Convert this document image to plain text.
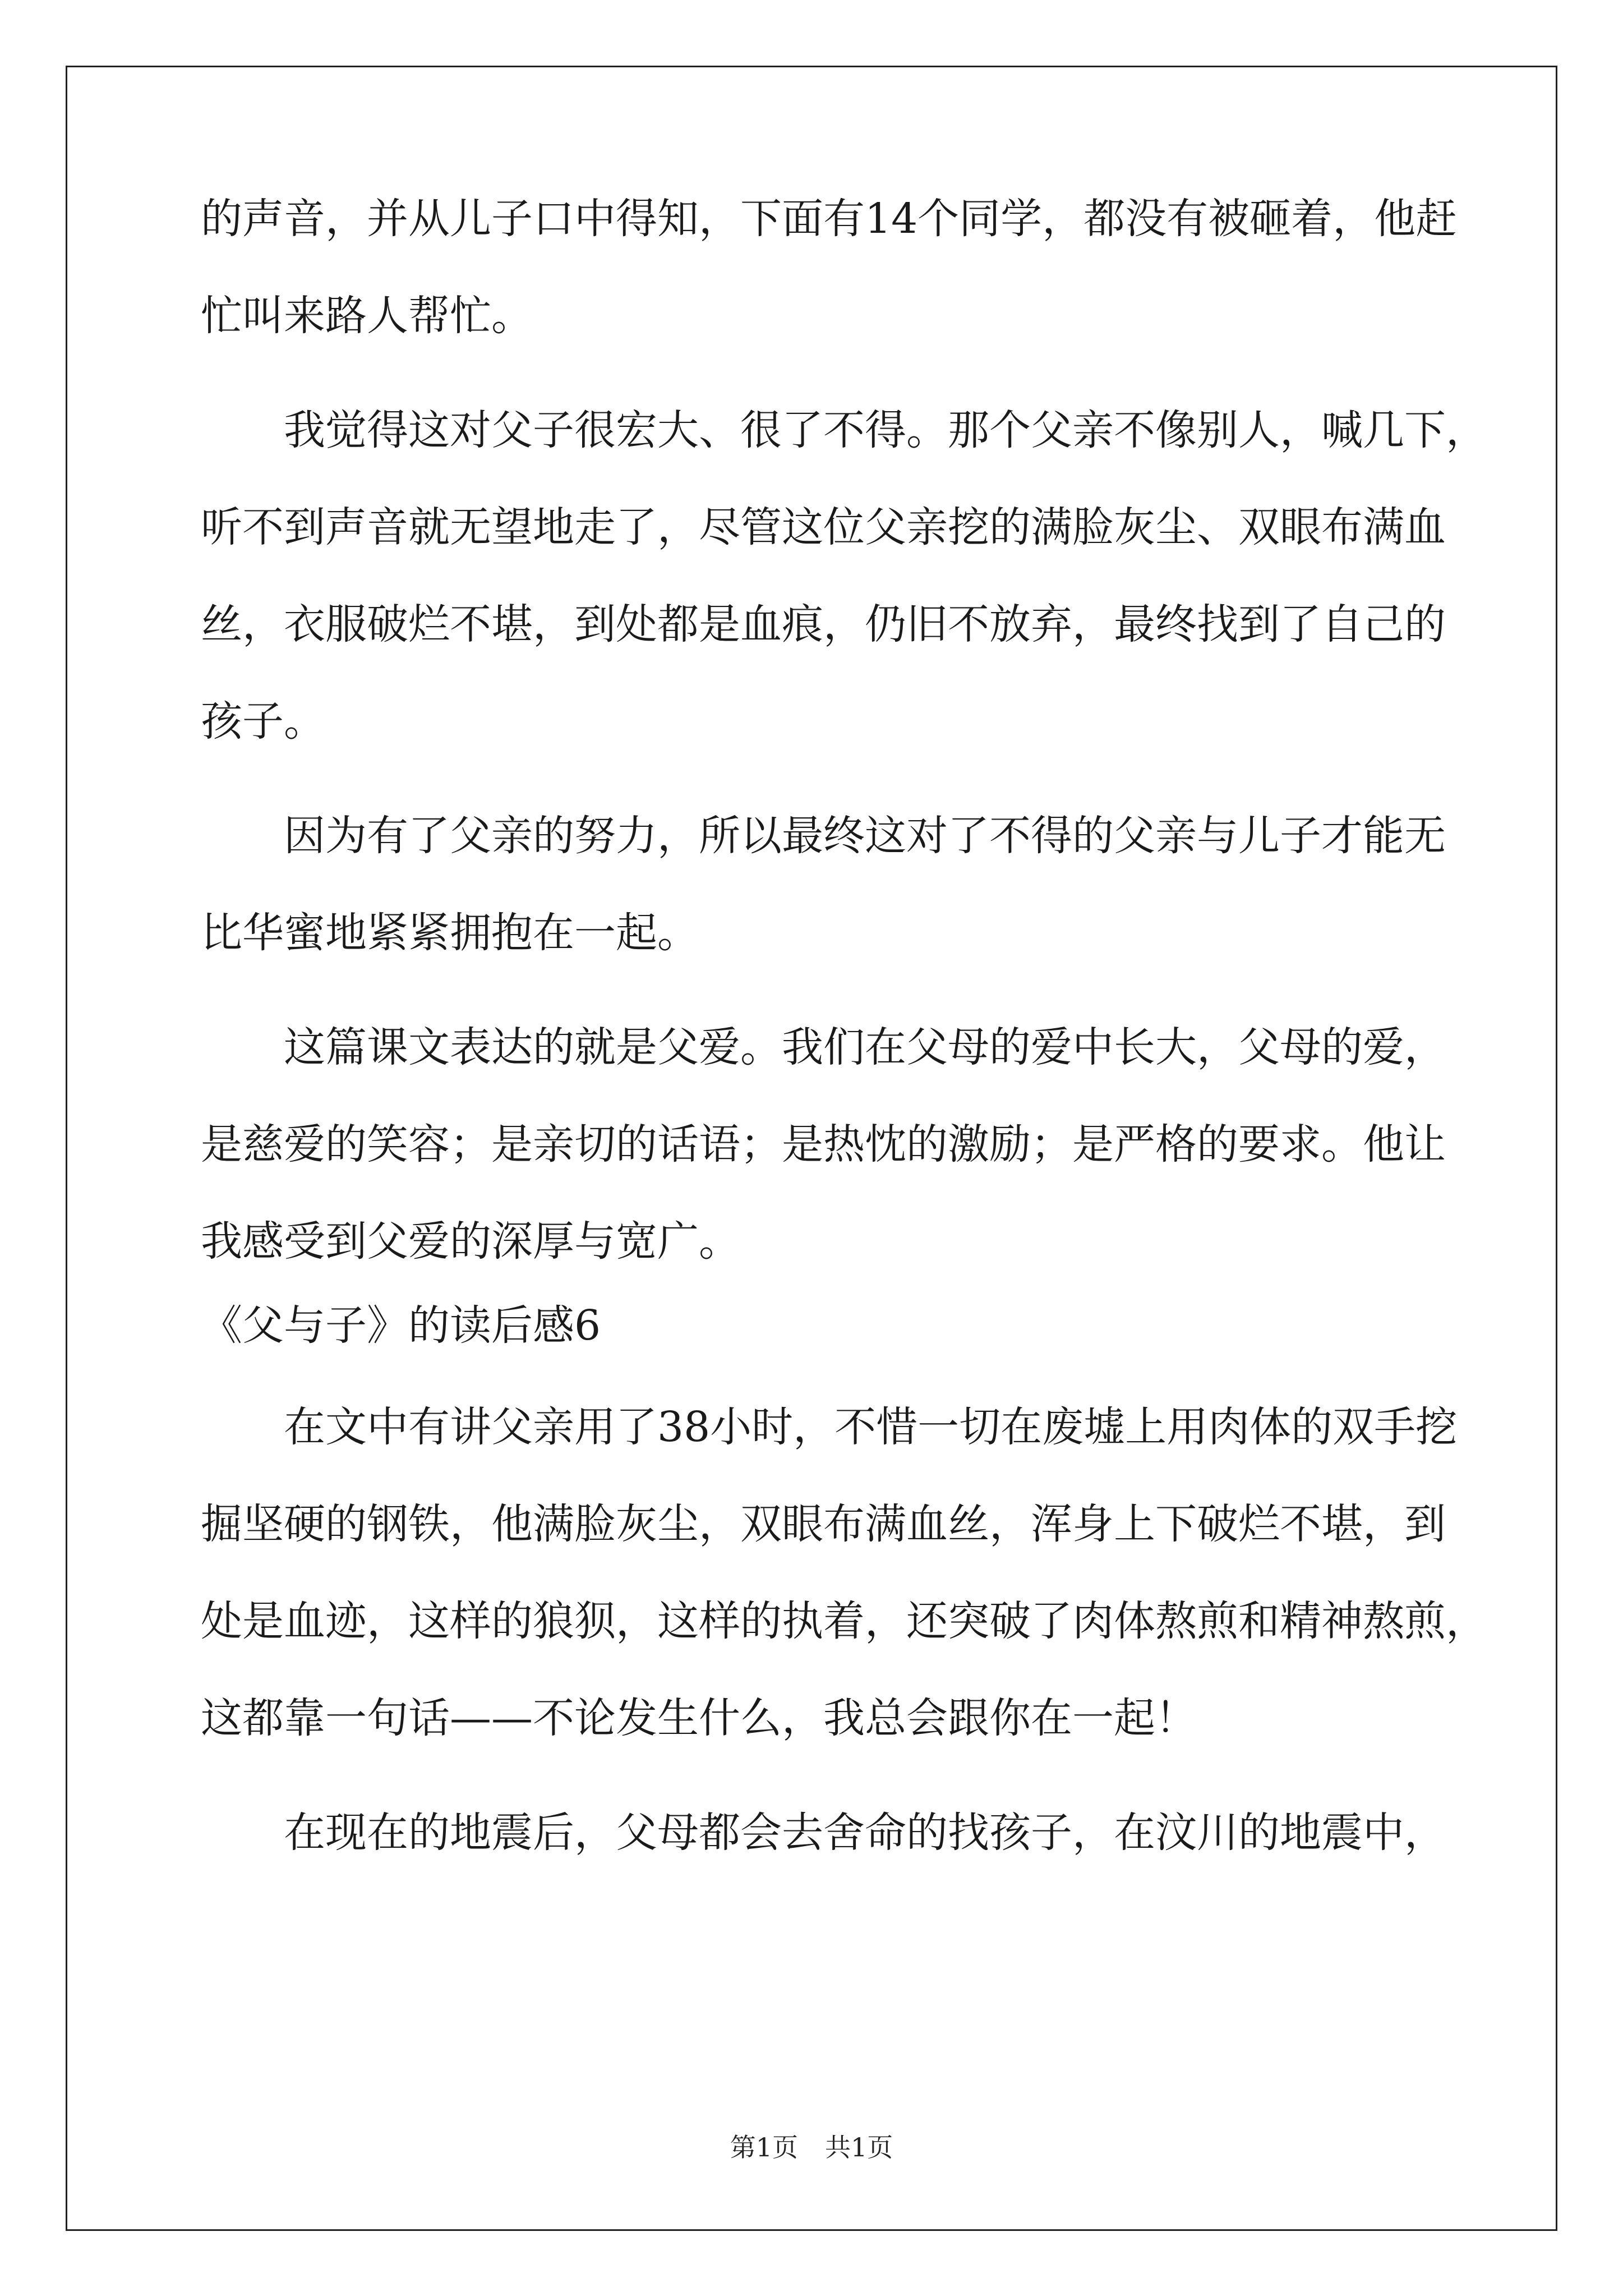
的声音，并从儿子口中得知，下面有14个同学，都没有被砸着，他赶
忙叫来路人帮忙。
　　我觉得这对父子很宏大、很了不得。那个父亲不像别人，喊几下，
听不到声音就无望地走了，尽管这位父亲挖的满脸灰尘、双眼布满血
丝，衣服破烂不堪，到处都是血痕，仍旧不放弃，最终找到了自己的
孩子。
　　因为有了父亲的努力，所以最终这对了不得的父亲与儿子才能无
比华蜜地紧紧拥抱在一起。
　　这篇课文表达的就是父爱。我们在父母的爱中长大，父母的爱，
是慈爱的笑容；是亲切的话语；是热忱的激励；是严格的要求。他让
我感受到父爱的深厚与宽广。
《父与子》的读后感6
　　在文中有讲父亲用了38小时，不惜一切在废墟上用肉体的双手挖
掘坚硬的钢铁，他满脸灰尘，双眼布满血丝，浑身上下破烂不堪，到
处是血迹，这样的狼狈，这样的执着，还突破了肉体熬煎和精神熬煎，
这都靠一句话——不论发生什么，我总会跟你在一起！
　　在现在的地震后，父母都会去舍命的找孩子，在汶川的地震中，
第1页 共1页
